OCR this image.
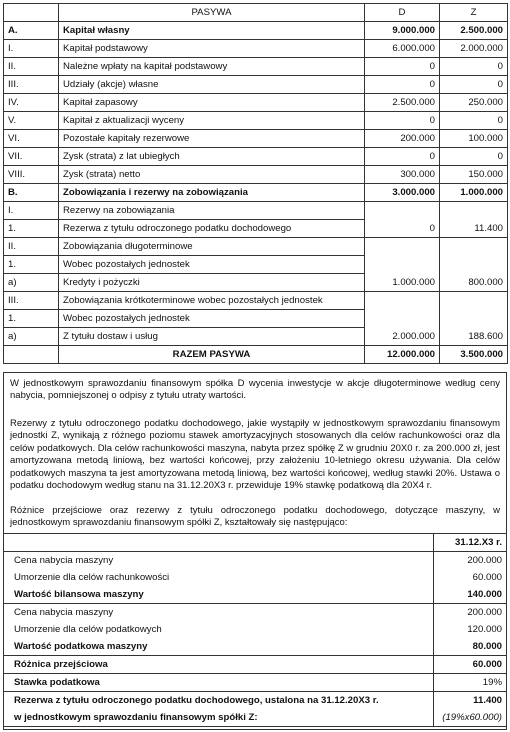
	PASYWA	D	Z
A.	Kapitał własny	9.000.000	2.500.000
I.	Kapitał podstawowy	6.000.000	2.000.000
II.	Należne wpłaty na kapitał podstawowy	0	0
III.	Udziały (akcje) własne	0	0
IV.	Kapitał zapasowy	2.500.000	250.000
V.	Kapitał z aktualizacji wyceny	0	0
VI.	Pozostałe kapitały rezerwowe	200.000	100.000
VII.	Zysk (strata) z lat ubiegłych	0	0
VIII.	Zysk (strata) netto	300.000	150.000
B.	Zobowiązania i rezerwy na zobowiązania	3.000.000	1.000.000
I.	Rezerwy na zobowiązania		
1.	Rezerwa z tytułu odroczonego podatku dochodowego	0	11.400
II.	Zobowiązania długoterminowe		
1.	Wobec pozostałych jednostek		
a)	Kredyty i pożyczki	1.000.000	800.000
III.	Zobowiązania krótkoterminowe wobec pozostałych jednostek		
1.	Wobec pozostałych jednostek		
a)	Z tytułu dostaw i usług	2.000.000	188.600
	RAZEM PASYWA	12.000.000	3.500.000

W jednostkowym sprawozdaniu finansowym spółka D wycenia inwestycje w akcje długoterminowe według ceny nabycia, pomniejszonej o odpisy z tytułu utraty wartości.

Rezerwy z tytułu odroczonego podatku dochodowego, jakie wystąpiły w jednostkowym sprawozdaniu finansowym jednostki Z, wynikają z różnego poziomu stawek amortyzacyjnych stosowanych dla celów rachunkowości oraz dla celów podatkowych. Dla celów rachunkowości maszyna, nabyta przez spółkę Z w grudniu 20X0 r. za 200.000 zł, jest amortyzowana metodą liniową, bez wartości końcowej, przy założeniu 10-letniego okresu używania. Dla celów podatkowych maszyna ta jest amortyzowana metodą liniową, bez wartości końcowej, według stawki 20%. Ustawa o podatku dochodowym według stanu na 31.12.20X3 r. przewiduje 19% stawkę podatkową dla 20X4 r.

Różnice przejściowe oraz rezerwy z tytułu odroczonego podatku dochodowego, dotyczące maszyny, w jednostkowym sprawozdaniu finansowym spółki Z, kształtowały się następująco:

	31.12.X3 r.
Cena nabycia maszyny	200.000
Umorzenie dla celów rachunkowości	60.000
Wartość bilansowa maszyny	140.000
Cena nabycia maszyny	200.000
Umorzenie dla celów podatkowych	120.000
Wartość podatkowa maszyny	80.000
Różnica przejściowa	60.000
Stawka podatkowa	19%
Rezerwa z tytułu odroczonego podatku dochodowego, ustalona na 31.12.20X3 r.	11.400
w jednostkowym sprawozdaniu finansowym spółki Z:	(19%x60.000)
